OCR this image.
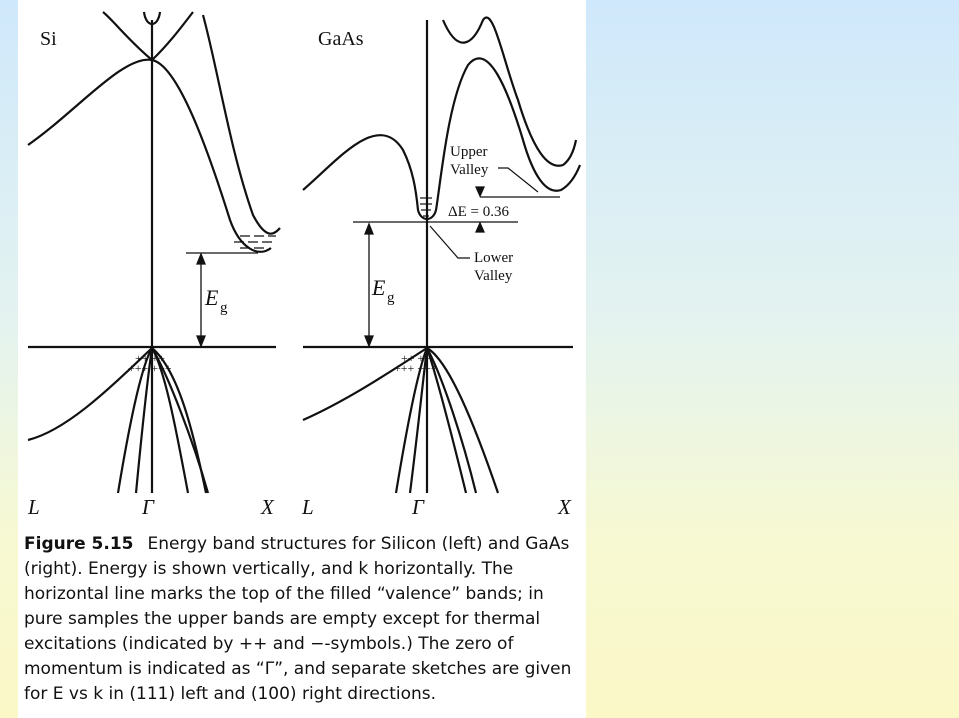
Si	GaAs
E g
E g
Upper
Valley
ΔE = 0.36
Lower
Valley
L	Γ	X L	Γ	X
++ ++
+++ +++
++ ++
+++ +++
Figure 5.15 Energy band structures for Silicon (left) and GaAs (right). Energy is shown vertically, and k horizontally. The horizontal line marks the top of the filled “valence” bands; in pure samples the upper bands are empty except for thermal excitations (indicated by ++ and −-symbols.) The zero of momentum is indicated as “Γ”, and separate sketches are given for E vs k in (111) left and (100) right directions.
